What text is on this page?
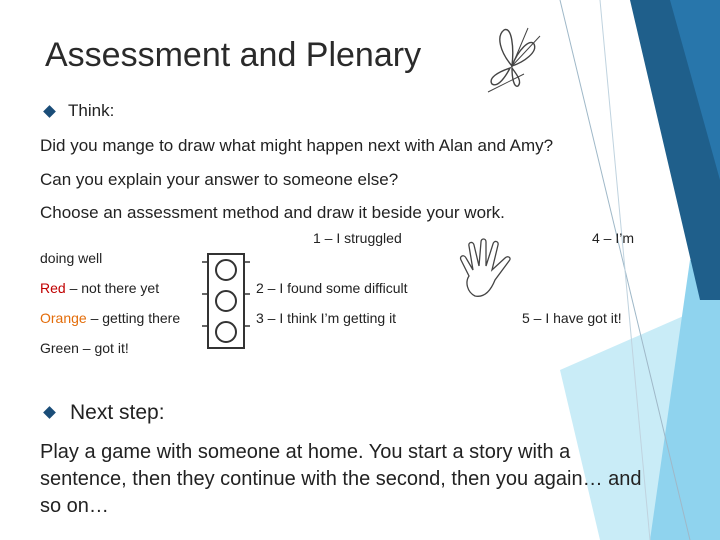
Assessment and Plenary
Think:
Did you mange to draw what might happen next with Alan and Amy?
Can you explain your answer to someone else?
Choose an assessment method and draw it beside your work.
1 – I struggled	4 – I’m
2 – I found some difficult
3 – I think I’m getting it	5 – I have got it!
doing well
Red – not there yet
Orange – getting there
Green – got it!
Next step:
Play a game with someone at home. You start a story with a sentence, then they continue with the second, then you again… and so on…
